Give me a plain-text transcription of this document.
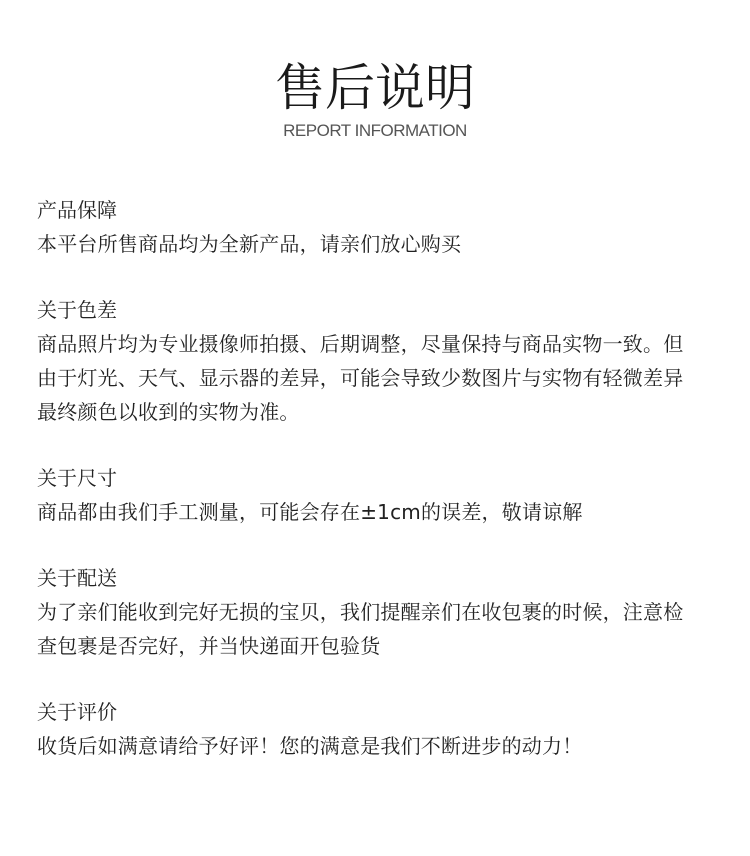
售后说明

REPORT INFORMATION

产品保障

本平台所售商品均为全新产品，请亲们放心购买

关于色差

商品照片均为专业摄像师拍摄、后期调整，尽量保持与商品实物一致。但
由于灯光、天气、显示器的差异，可能会导致少数图片与实物有轻微差异
最终颜色以收到的实物为准。

关于尺寸

商品都由我们手工测量，可能会存在±1cm的误差，敬请谅解

关于配送

为了亲们能收到完好无损的宝贝，我们提醒亲们在收包裹的时候，注意检
查包裹是否完好，并当快递面开包验货

关于评价

收货后如满意请给予好评！您的满意是我们不断进步的动力！
